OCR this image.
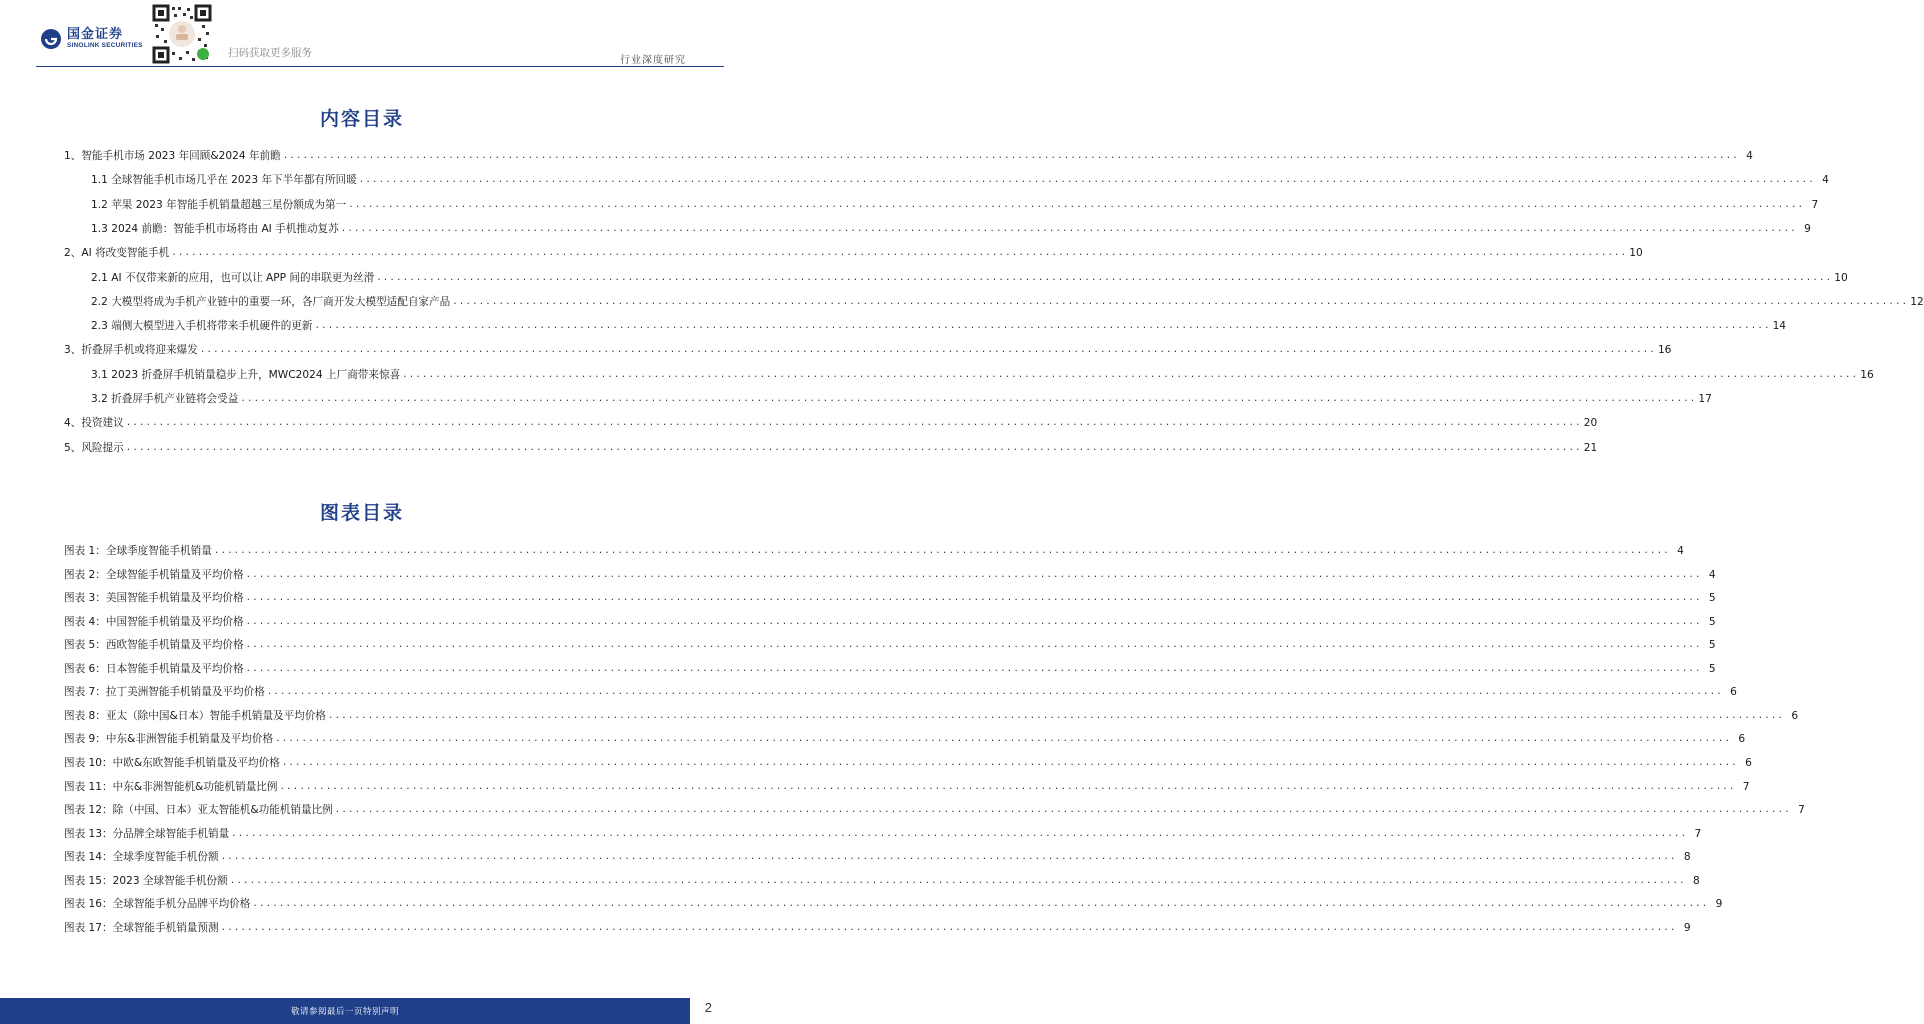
国金证券
SINOLINK SECURITIES
扫码获取更多服务
行业深度研究
内容目录
1、智能手机市场 2023 年回顾&2024 年前瞻 ............................................................................................................................................................................................................................ 4
1.1 全球智能手机市场几乎在 2023 年下半年都有所回暖 ............................................................................................................................................................................................................................ 4
1.2 苹果 2023 年智能手机销量超越三星份额成为第一 ............................................................................................................................................................................................................................ 7
1.3 2024 前瞻：智能手机市场将由 AI 手机推动复苏 ............................................................................................................................................................................................................................ 9
2、AI 将改变智能手机 ............................................................................................................................................................................................................................ 10
2.1 AI 不仅带来新的应用，也可以让 APP 间的串联更为丝滑 ............................................................................................................................................................................................................................ 10
2.2 大模型将成为手机产业链中的重要一环，各厂商开发大模型适配自家产品 ............................................................................................................................................................................................................................ 12
2.3 端侧大模型进入手机将带来手机硬件的更新 ............................................................................................................................................................................................................................ 14
3、折叠屏手机或将迎来爆发 ............................................................................................................................................................................................................................ 16
3.1 2023 折叠屏手机销量稳步上升，MWC2024 上厂商带来惊喜 ............................................................................................................................................................................................................................ 16
3.2 折叠屏手机产业链将会受益 ............................................................................................................................................................................................................................ 17
4、投资建议 ............................................................................................................................................................................................................................ 20
5、风险提示 ............................................................................................................................................................................................................................ 21
图表目录
图表 1： 全球季度智能手机销量 ............................................................................................................................................................................................................................ 4
图表 2： 全球智能手机销量及平均价格 ............................................................................................................................................................................................................................ 4
图表 3： 美国智能手机销量及平均价格 ............................................................................................................................................................................................................................ 5
图表 4： 中国智能手机销量及平均价格 ............................................................................................................................................................................................................................ 5
图表 5： 西欧智能手机销量及平均价格 ............................................................................................................................................................................................................................ 5
图表 6： 日本智能手机销量及平均价格 ............................................................................................................................................................................................................................ 5
图表 7： 拉丁美洲智能手机销量及平均价格 ............................................................................................................................................................................................................................ 6
图表 8： 亚太（除中国&日本）智能手机销量及平均价格 ............................................................................................................................................................................................................................ 6
图表 9： 中东&非洲智能手机销量及平均价格 ............................................................................................................................................................................................................................ 6
图表 10： 中欧&东欧智能手机销量及平均价格 ............................................................................................................................................................................................................................ 6
图表 11： 中东&非洲智能机&功能机销量比例 ............................................................................................................................................................................................................................ 7
图表 12： 除（中国、日本）亚太智能机&功能机销量比例 ............................................................................................................................................................................................................................ 7
图表 13： 分品牌全球智能手机销量 ............................................................................................................................................................................................................................ 7
图表 14： 全球季度智能手机份额 ............................................................................................................................................................................................................................ 8
图表 15： 2023 全球智能手机份额 ............................................................................................................................................................................................................................ 8
图表 16： 全球智能手机分品牌平均价格 ............................................................................................................................................................................................................................ 9
图表 17： 全球智能手机销量预测 ............................................................................................................................................................................................................................ 9
敬请参阅最后一页特别声明	2
